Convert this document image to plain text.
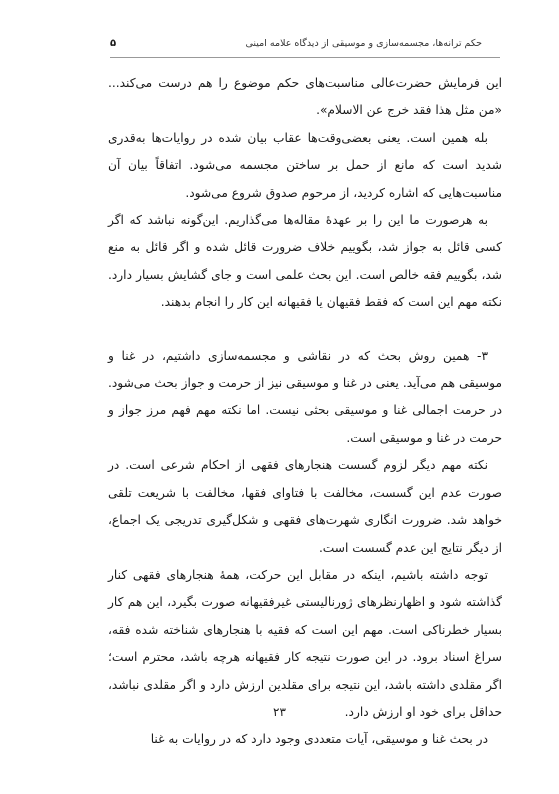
۵	حکم ترانه‌ها، مجسمه‌سازی و موسیقی از دیدگاه علامه امینی

این فرمایش حضرت‌عالی مناسبت‌های حکم موضوع را هم درست می‌کند... «من مثل هذا فقد خرج عن الاسلام».

بله همین است. یعنی بعضی‌وقت‌ها عقاب بیان شده در روایات‌ها به‌قدری شدید است که مانع از حمل بر ساختن مجسمه می‌شود. اتفاقاً بیان آن مناسبت‌هایی که اشاره کردید، از مرحوم صدوق شروع می‌شود.

به هرصورت ما این را بر عهدهٔ مقاله‌ها می‌گذاریم. این‌گونه نباشد که اگر کسی قائل به جواز شد، بگوییم خلاف ضرورت قائل شده و اگر قائل به منع شد، بگوییم فقه خالص است. این بحث علمی است و جای گشایش بسیار دارد. نکته مهم این است که فقط فقیهان یا فقیهانه این کار را انجام بدهند.

۳- همین روش بحث که در نقاشی و مجسمه‌سازی داشتیم، در غنا و موسیقی هم می‌آید. یعنی در غنا و موسیقی نیز از حرمت و جواز بحث می‌شود. در حرمت اجمالی غنا و موسیقی بحثی نیست. اما نکته مهم فهم مرز جواز و حرمت در غنا و موسیقی است.

نکته مهم دیگر لزوم گسست هنجارهای فقهی از احکام شرعی است. در صورت عدم این گسست، مخالفت با فتاوای فقها، مخالفت با شریعت تلقی خواهد شد. ضرورت انگاری شهرت‌های فقهی و شکل‌گیری تدریجی یک اجماع، از دیگر نتایج این عدم گسست است.

توجه داشته باشیم، اینکه در مقابل این حرکت، همهٔ هنجارهای فقهی کنار گذاشته شود و اظهارنظرهای ژورنالیستی غیرفقیهانه صورت بگیرد، این هم کار بسیار خطرناکی است. مهم این است که فقیه با هنجارهای شناخته شده فقه، سراغ اسناد برود. در این صورت نتیجه کار فقیهانه هرچه باشد، محترم است؛ اگر مقلدی داشته باشد، این نتیجه برای مقلدین ارزش دارد و اگر مقلدی نباشد، حداقل برای خود او ارزش دارد.

در بحث غنا و موسیقی، آیات متعددی وجود دارد که در روایات به غنا

۲۳
